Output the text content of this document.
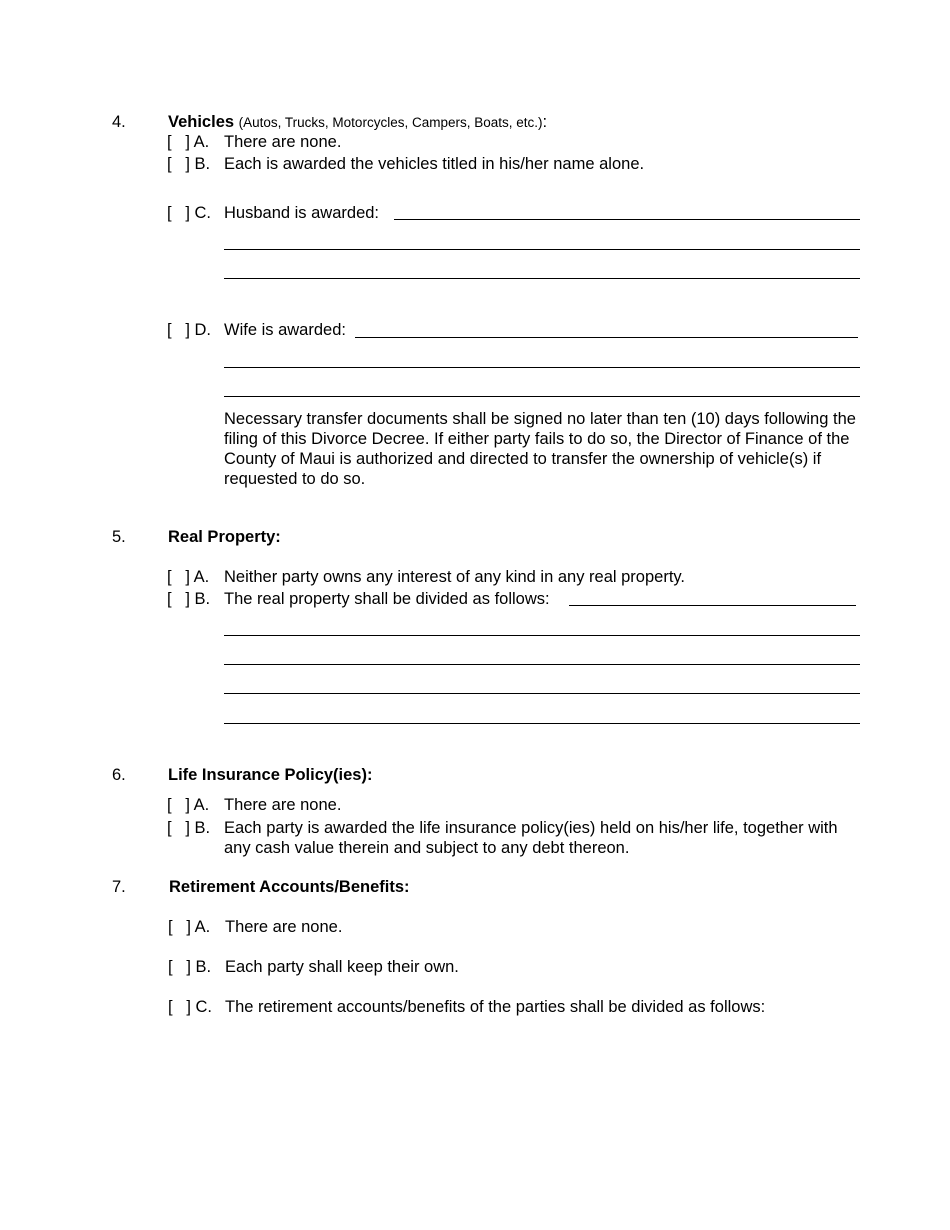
4.	Vehicles (Autos, Trucks, Motorcycles, Campers, Boats, etc.):
[   ] A. There are none.
[   ] B. Each is awarded the vehicles titled in his/her name alone.
[   ] C. Husband is awarded:
[   ] D. Wife is awarded:
Necessary transfer documents shall be signed no later than ten (10) days following the filing of this Divorce Decree. If either party fails to do so, the Director of Finance of the County of Maui is authorized and directed to transfer the ownership of vehicle(s) if requested to do so.
5.	Real Property:
[   ] A. Neither party owns any interest of any kind in any real property.
[   ] B. The real property shall be divided as follows:
6.	Life Insurance Policy(ies):
[   ] A. There are none.
[   ] B. Each party is awarded the life insurance policy(ies) held on his/her life, together with any cash value therein and subject to any debt thereon.
7.	Retirement Accounts/Benefits:
[   ] A. There are none.
[   ] B. Each party shall keep their own.
[   ] C. The retirement accounts/benefits of the parties shall be divided as follows:
